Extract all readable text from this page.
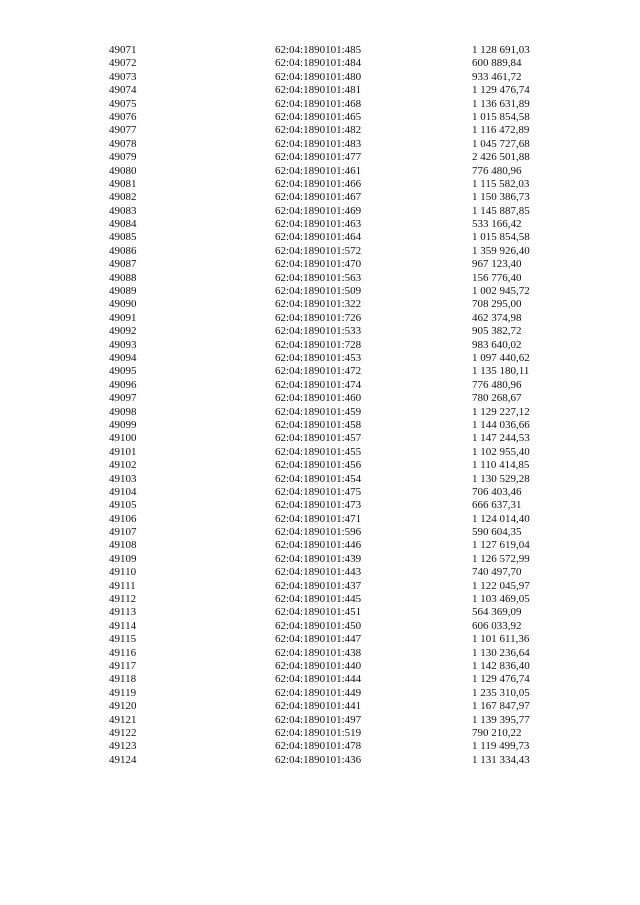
49071	62:04:1890101:485	1 128 691,03
49072	62:04:1890101:484	600 889,84
49073	62:04:1890101:480	933 461,72
49074	62:04:1890101:481	1 129 476,74
49075	62:04:1890101:468	1 136 631,89
49076	62:04:1890101:465	1 015 854,58
49077	62:04:1890101:482	1 116 472,89
49078	62:04:1890101:483	1 045 727,68
49079	62:04:1890101:477	2 426 501,88
49080	62:04:1890101:461	776 480,96
49081	62:04:1890101:466	1 115 582,03
49082	62:04:1890101:467	1 150 386,73
49083	62:04:1890101:469	1 145 887,85
49084	62:04:1890101:463	533 166,42
49085	62:04:1890101:464	1 015 854,58
49086	62:04:1890101:572	1 359 926,40
49087	62:04:1890101:470	967 123,40
49088	62:04:1890101:563	156 776,40
49089	62:04:1890101:509	1 002 945,72
49090	62:04:1890101:322	708 295,00
49091	62:04:1890101:726	462 374,98
49092	62:04:1890101:533	905 382,72
49093	62:04:1890101:728	983 640,02
49094	62:04:1890101:453	1 097 440,62
49095	62:04:1890101:472	1 135 180,11
49096	62:04:1890101:474	776 480,96
49097	62:04:1890101:460	780 268,67
49098	62:04:1890101:459	1 129 227,12
49099	62:04:1890101:458	1 144 036,66
49100	62:04:1890101:457	1 147 244,53
49101	62:04:1890101:455	1 102 955,40
49102	62:04:1890101:456	1 110 414,85
49103	62:04:1890101:454	1 130 529,28
49104	62:04:1890101:475	706 403,46
49105	62:04:1890101:473	666 637,31
49106	62:04:1890101:471	1 124 014,40
49107	62:04:1890101:596	590 604,35
49108	62:04:1890101:446	1 127 619,04
49109	62:04:1890101:439	1 126 572,99
49110	62:04:1890101:443	740 497,70
49111	62:04:1890101:437	1 122 045,97
49112	62:04:1890101:445	1 103 469,05
49113	62:04:1890101:451	564 369,09
49114	62:04:1890101:450	606 033,92
49115	62:04:1890101:447	1 101 611,36
49116	62:04:1890101:438	1 130 236,64
49117	62:04:1890101:440	1 142 836,40
49118	62:04:1890101:444	1 129 476,74
49119	62:04:1890101:449	1 235 310,05
49120	62:04:1890101:441	1 167 847,97
49121	62:04:1890101:497	1 139 395,77
49122	62:04:1890101:519	790 210,22
49123	62:04:1890101:478	1 119 499,73
49124	62:04:1890101:436	1 131 334,43
